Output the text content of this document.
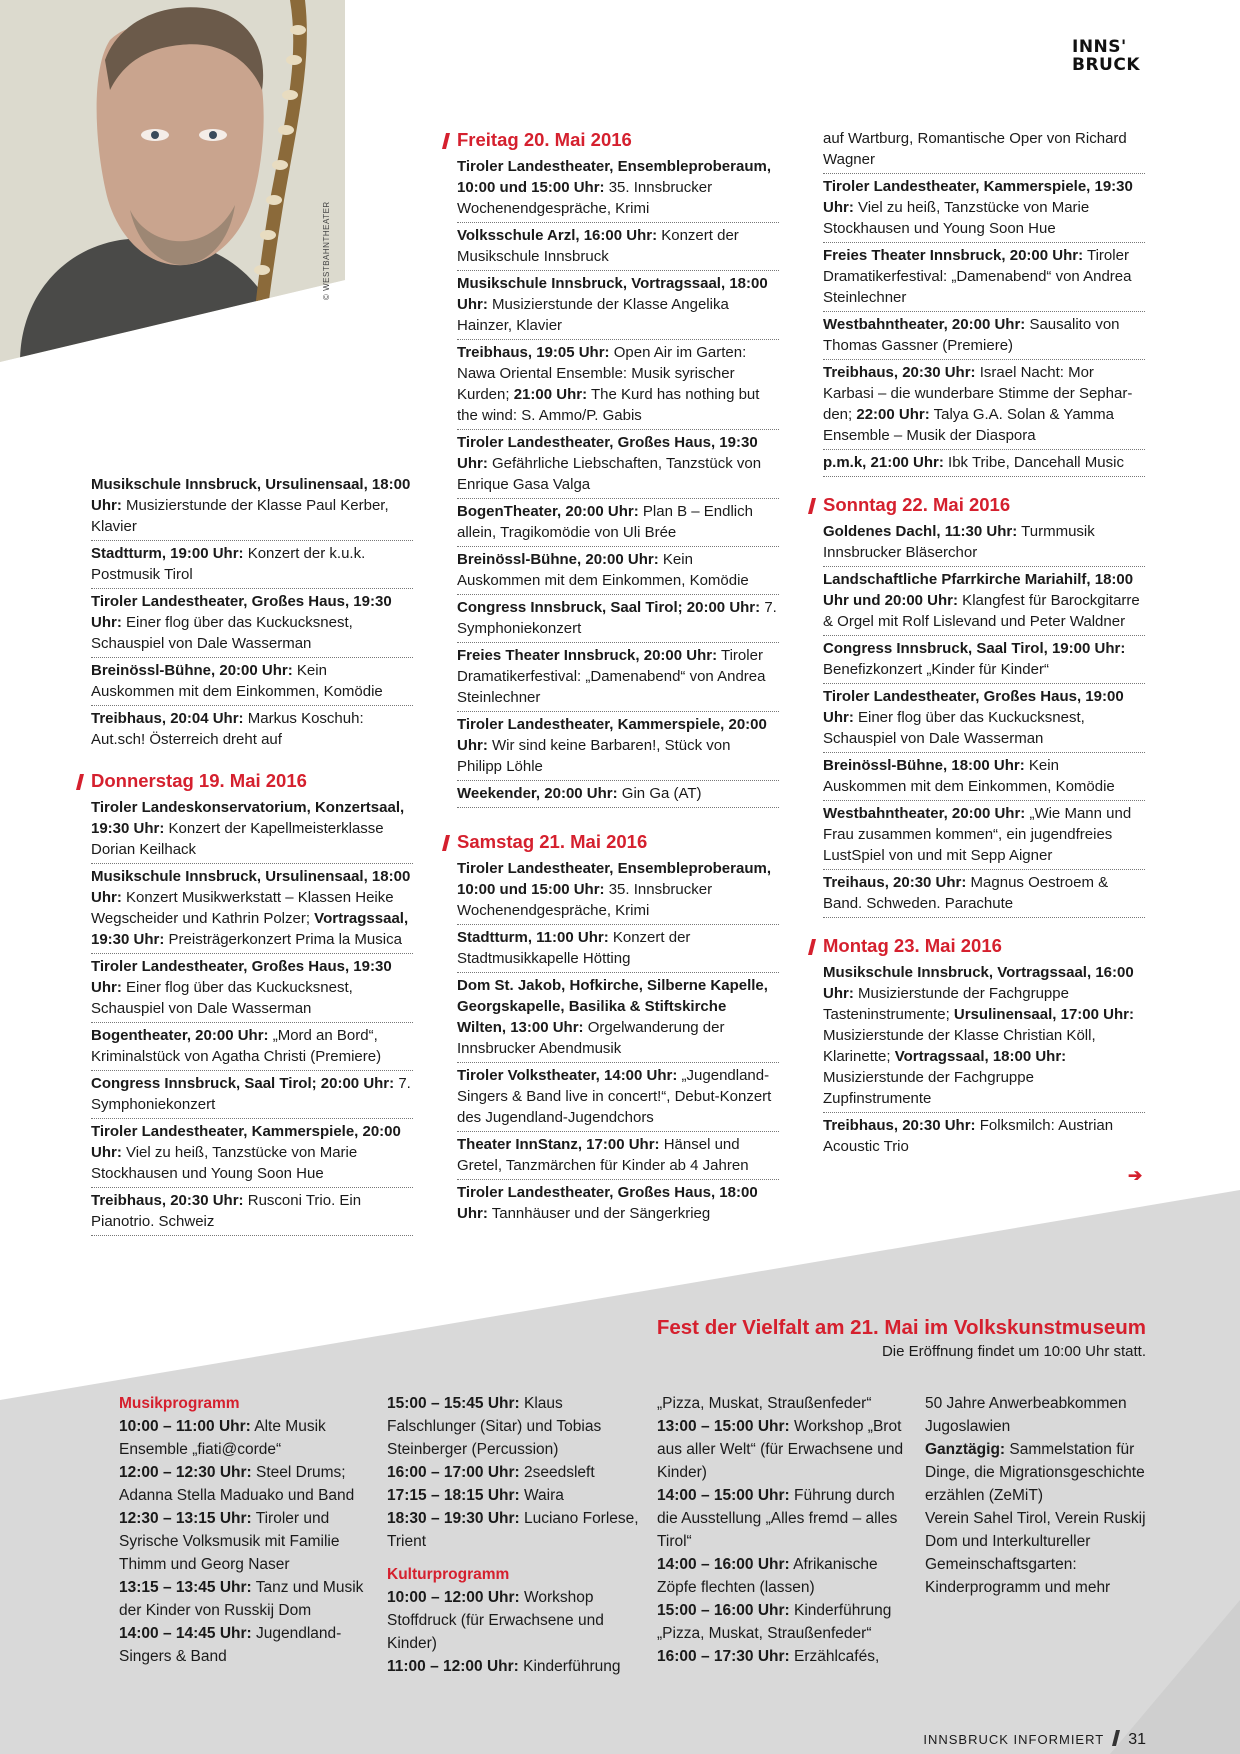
© WESTBAHNTHEATER
INNS'
BRUCK
Musikschule Innsbruck, Ursulinensaal, 18:00 Uhr: Musizierstunde der Klasse Paul Kerber, Klavier
Stadtturm, 19:00 Uhr: Konzert der k.u.k. Postmusik Tirol
Tiroler Landestheater, Großes Haus, 19:30 Uhr: Einer flog über das Kuckucksnest, Schauspiel von Dale Wasserman
Breinössl-Bühne, 20:00 Uhr: Kein Auskommen mit dem Einkommen, Komödie
Treibhaus, 20:04 Uhr: Markus Koschuh: Aut.sch! Österreich dreht auf
Donnerstag 19. Mai 2016
Tiroler Landeskonservatorium, Konzertsaal, 19:30 Uhr: Konzert der Kapellmeisterklasse Dorian Keilhack
Musikschule Innsbruck, Ursulinensaal, 18:00 Uhr: Konzert Musikwerkstatt – Klassen Heike Wegscheider und Kathrin Polzer; Vortragssaal, 19:30 Uhr: Preisträgerkonzert Prima la Musica
Tiroler Landestheater, Großes Haus, 19:30 Uhr: Einer flog über das Kuckucksnest, Schauspiel von Dale Wasserman
Bogentheater, 20:00 Uhr: „Mord an Bord“, Kriminalstück von Agatha Christi (Premiere)
Congress Innsbruck, Saal Tirol; 20:00 Uhr: 7. Symphoniekonzert
Tiroler Landestheater, Kammerspiele, 20:00 Uhr: Viel zu heiß, Tanzstücke von Marie Stockhausen und Young Soon Hue
Treibhaus, 20:30 Uhr: Rusconi Trio. Ein Pianotrio. Schweiz
Freitag 20. Mai 2016
Tiroler Landestheater, Ensembleproberaum, 10:00 und 15:00 Uhr: 35. Innsbrucker Wochenendgespräche, Krimi
Volksschule Arzl, 16:00 Uhr: Konzert der Musikschule Innsbruck
Musikschule Innsbruck, Vortragssaal, 18:00 Uhr: Musizierstunde der Klasse Angelika Hainzer, Klavier
Treibhaus, 19:05 Uhr: Open Air im Garten: Nawa Oriental Ensemble: Musik syrischer Kurden; 21:00 Uhr: The Kurd has nothing but the wind: S. Ammo/P. Gabis
Tiroler Landestheater, Großes Haus, 19:30 Uhr: Gefährliche Liebschaften, Tanzstück von Enrique Gasa Valga
BogenTheater, 20:00 Uhr: Plan B – Endlich allein, Tragikomödie von Uli Brée
Breinössl-Bühne, 20:00 Uhr: Kein Auskommen mit dem Einkommen, Komödie
Congress Innsbruck, Saal Tirol; 20:00 Uhr: 7. Symphoniekonzert
Freies Theater Innsbruck, 20:00 Uhr: Tiroler Dramatikerfestival: „Damenabend“ von Andrea Steinlechner
Tiroler Landestheater, Kammerspiele, 20:00 Uhr: Wir sind keine Barbaren!, Stück von Philipp Löhle
Weekender, 20:00 Uhr: Gin Ga (AT)
Samstag 21. Mai 2016
Tiroler Landestheater, Ensembleproberaum, 10:00 und 15:00 Uhr: 35. Innsbrucker Wochenendgespräche, Krimi
Stadtturm, 11:00 Uhr: Konzert der Stadtmusikkapelle Hötting
Dom St. Jakob, Hofkirche, Silberne Kapelle, Georgskapelle, Basilika & Stiftskirche Wilten, 13:00 Uhr: Orgelwanderung der Innsbrucker Abendmusik
Tiroler Volkstheater, 14:00 Uhr: „Jugendland-Singers & Band live in concert!“, Debut-Konzert des Jugendland-Jugendchors
Theater InnStanz, 17:00 Uhr: Hänsel und Gretel, Tanzmärchen für Kinder ab 4 Jahren
Tiroler Landestheater, Großes Haus, 18:00 Uhr: Tannhäuser und der Sängerkrieg
auf Wartburg, Romantische Oper von Richard Wagner
Tiroler Landestheater, Kammerspiele, 19:30 Uhr: Viel zu heiß, Tanzstücke von Marie Stockhausen und Young Soon Hue
Freies Theater Innsbruck, 20:00 Uhr: Tiroler Dramatikerfestival: „Damenabend“ von Andrea Steinlechner
Westbahntheater, 20:00 Uhr: Sausalito von Thomas Gassner (Premiere)
Treibhaus, 20:30 Uhr: Israel Nacht: Mor Karbasi – die wunderbare Stimme der Sepharden; 22:00 Uhr: Talya G.A. Solan & Yamma Ensemble – Musik der Diaspora
p.m.k, 21:00 Uhr: Ibk Tribe, Dancehall Music
Sonntag 22. Mai 2016
Goldenes Dachl, 11:30 Uhr: Turmmusik Innsbrucker Bläserchor
Landschaftliche Pfarrkirche Mariahilf, 18:00 Uhr und 20:00 Uhr: Klangfest für Barockgitarre & Orgel mit Rolf Lislevand und Peter Waldner
Congress Innsbruck, Saal Tirol, 19:00 Uhr: Benefizkonzert „Kinder für Kinder“
Tiroler Landestheater, Großes Haus, 19:00 Uhr: Einer flog über das Kuckucksnest, Schauspiel von Dale Wasserman
Breinössl-Bühne, 18:00 Uhr: Kein Auskommen mit dem Einkommen, Komödie
Westbahntheater, 20:00 Uhr: „Wie Mann und Frau zusammen kommen“, ein jugendfreies LustSpiel von und mit Sepp Aigner
Treihaus, 20:30 Uhr: Magnus Oestroem & Band. Schweden. Parachute
Montag 23. Mai 2016
Musikschule Innsbruck, Vortragssaal, 16:00 Uhr: Musizierstunde der Fachgruppe Tasteninstrumente; Ursulinensaal, 17:00 Uhr: Musizierstunde der Klasse Christian Köll, Klarinette; Vortragssaal, 18:00 Uhr: Musizierstunde der Fachgruppe Zupfinstrumente
Treibhaus, 20:30 Uhr: Folksmilch: Austrian Acoustic Trio
➔
Fest der Vielfalt am 21. Mai im Volkskunstmuseum
Die Eröffnung findet um 10:00 Uhr statt.
Musikprogramm
10:00 – 11:00 Uhr: Alte Musik Ensemble „fiati@corde“
12:00 – 12:30 Uhr: Steel Drums; Adanna Stella Maduako und Band
12:30 – 13:15 Uhr: Tiroler und Syrische Volksmusik mit Familie Thimm und Georg Naser
13:15 – 13:45 Uhr: Tanz und Musik der Kinder von Russkij Dom
14:00 – 14:45 Uhr: Jugendland-Singers & Band
15:00 – 15:45 Uhr: Klaus Falschlunger (Sitar) und Tobias Steinberger (Percussion)
16:00 – 17:00 Uhr: 2seedsleft
17:15 – 18:15 Uhr: Waira
18:30 – 19:30 Uhr: Luciano Forlese, Trient
Kulturprogramm
10:00 – 12:00 Uhr: Workshop Stoffdruck (für Erwachsene und Kinder)
11:00 – 12:00 Uhr: Kinderführung
„Pizza, Muskat, Straußenfeder“
13:00 – 15:00 Uhr: Workshop „Brot aus aller Welt“ (für Erwachsene und Kinder)
14:00 – 15:00 Uhr: Führung durch die Ausstellung „Alles fremd – alles Tirol“
14:00 – 16:00 Uhr: Afrikanische Zöpfe flechten (lassen)
15:00 – 16:00 Uhr: Kinderführung „Pizza, Muskat, Straußenfeder“
16:00 – 17:30 Uhr: Erzählcafés,
50 Jahre Anwerbeabkommen Jugoslawien
Ganztägig: Sammelstation für Dinge, die Migrationsgeschichte erzählen (ZeMiT)
Verein Sahel Tirol, Verein Ruskij Dom und Interkultureller Gemeinschaftsgarten: Kinderprogramm und mehr
INNSBRUCK INFORMIERT 31
